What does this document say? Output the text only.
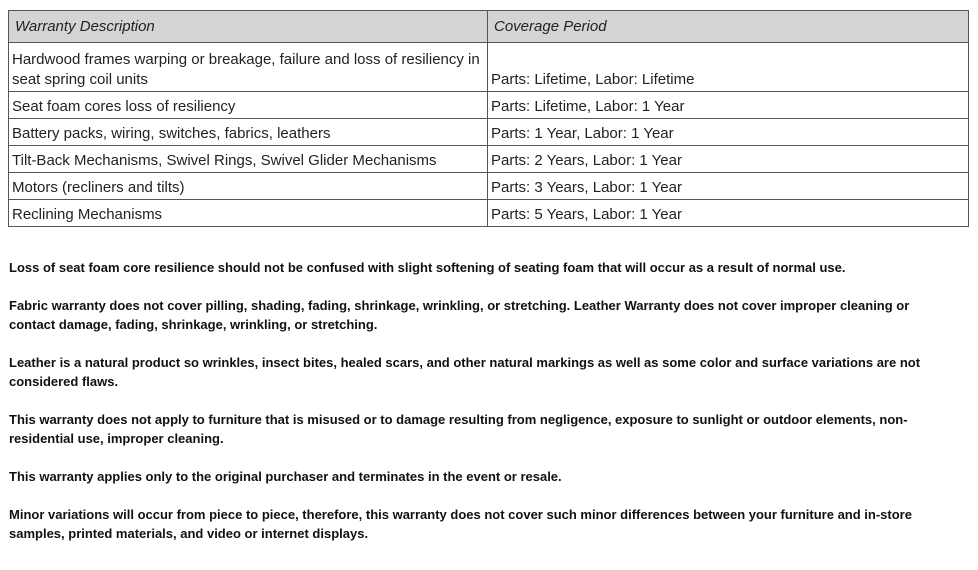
Warranty Description	Coverage Period
Hardwood frames warping or breakage, failure and loss of resiliency in seat spring coil units	Parts: Lifetime, Labor: Lifetime
Seat foam cores loss of resiliency	Parts: Lifetime, Labor: 1 Year
Battery packs, wiring, switches, fabrics, leathers	Parts: 1 Year, Labor: 1 Year
Tilt-Back Mechanisms, Swivel Rings, Swivel Glider Mechanisms	Parts: 2 Years, Labor: 1 Year
Motors (recliners and tilts)	Parts: 3 Years, Labor: 1 Year
Reclining Mechanisms	Parts: 5 Years, Labor: 1 Year

Loss of seat foam core resilience should not be confused with slight softening of seating foam that will occur as a result of normal use.

Fabric warranty does not cover pilling, shading, fading, shrinkage, wrinkling, or stretching. Leather Warranty does not cover improper cleaning or contact damage, fading, shrinkage, wrinkling, or stretching.

Leather is a natural product so wrinkles, insect bites, healed scars, and other natural markings as well as some color and surface variations are not considered flaws.

This warranty does not apply to furniture that is misused or to damage resulting from negligence, exposure to sunlight or outdoor elements, non-residential use, improper cleaning.

This warranty applies only to the original purchaser and terminates in the event or resale.

Minor variations will occur from piece to piece, therefore, this warranty does not cover such minor differences between your furniture and in-store samples, printed materials, and video or internet displays.
